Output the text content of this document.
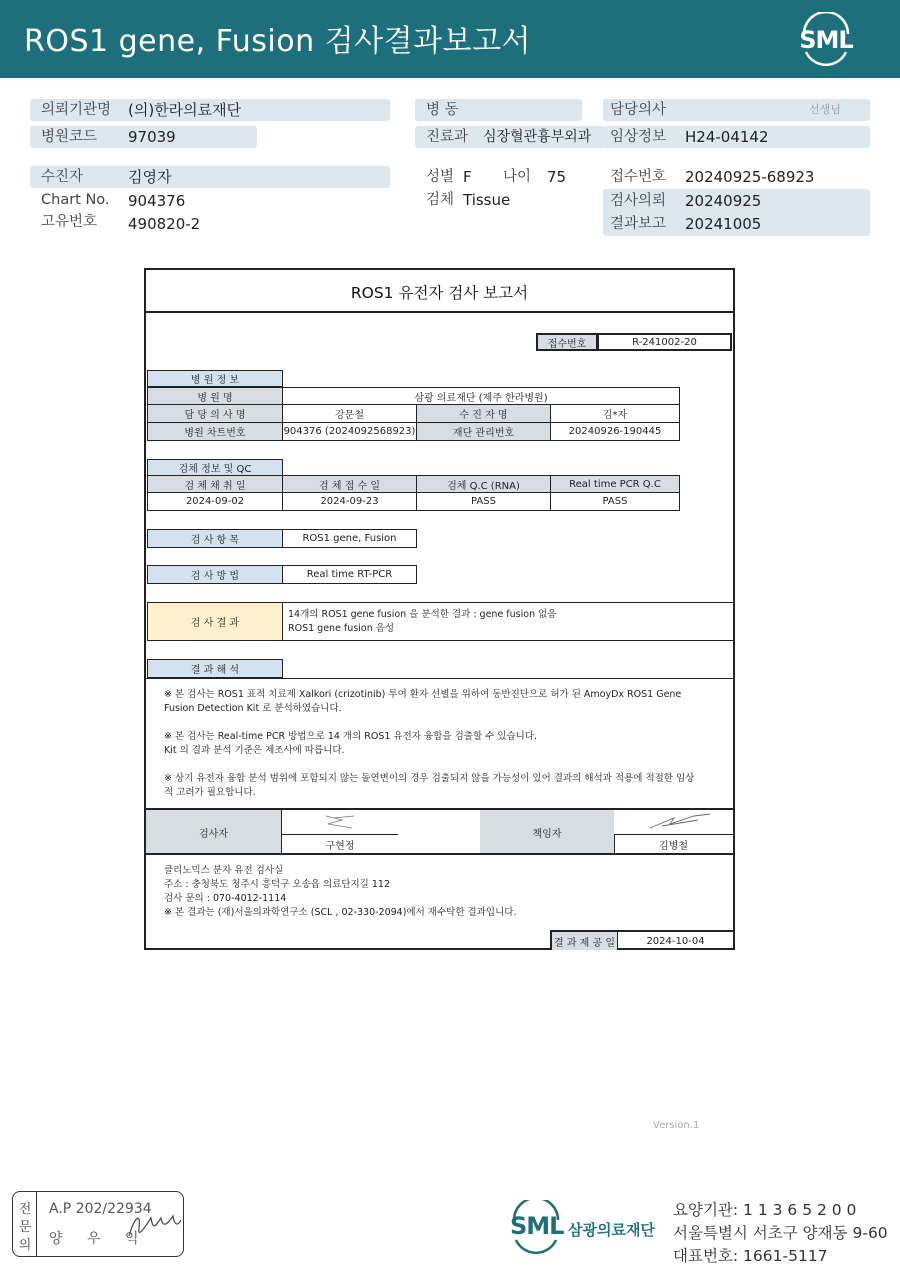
ROS1 gene, Fusion 검사결과보고서	SML
의뢰기관명 (의)한라의료재단	병 동	담당의사	선생님
병원코드 97039	진료과 심장혈관흉부외과 임상정보 H24-04142
수진자	김영자	성별 F 나이 75	접수번호 20240925-68923
Chart No. 904376	검체 Tissue	검사의뢰 20240925
고유번호 490820-2	결과보고 20241005
ROS1 유전자 검사 보고서
접수번호	R-241002-20
병 원 정 보
병 원 명	삼광 의료재단 (제주 한라병원)
담 당 의 사 명	강문철	수 진 자 명	김*자
병원 차트번호	904376 (2024092568923)	재단 관리번호	20240926-190445
검체 정보 및 QC
검 체 채 취 일	검 체 접 수 일	검체 Q.C (RNA)	Real time PCR Q.C
2024-09-02	2024-09-23	PASS	PASS
검 사 항 목	ROS1 gene, Fusion
검 사 방 법	Real time RT-PCR
검 사 결 과
14개의 ROS1 gene fusion 을 분석한 결과 : gene fusion 없음
ROS1 gene fusion 음성
결 과 해 석
※ 본 검사는 ROS1 표적 치료제 Xalkori (crizotinib) 투여 환자 선별을 위하여 동반진단으로 허가 된 AmoyDx ROS1 Gene
Fusion Detection Kit 로 분석하였습니다.
※ 본 검사는 Real-time PCR 방법으로 14 개의 ROS1 유전자 융합을 검출할 수 있습니다.
Kit 의 결과 분석 기준은 제조사에 따릅니다.
※ 상기 유전자 융합 분석 범위에 포함되지 않는 돌연변이의 경우 검출되지 않을 가능성이 있어 결과의 해석과 적용에 적절한 임상
적 고려가 필요합니다.
검사자
구현정
책임자
김병철
클리노믹스 분자 유전 검사실
주소 : 충청북도 청주시 흥덕구 오송읍 의료단지길 112
검사 문의 : 070-4012-1114
※ 본 결과는 (재)서울의과학연구소 (SCL , 02-330-2094)에서 재수탁한 결과입니다.
결 과 제 공 일	2024-10-04
Version.1
전
문
의
A.P 202/22934
양 우 익	SML 삼광의료재단
요양기관: 1 1 3 6 5 2 0 0
서울특별시 서초구 양재동 9-60
대표번호: 1661-5117
